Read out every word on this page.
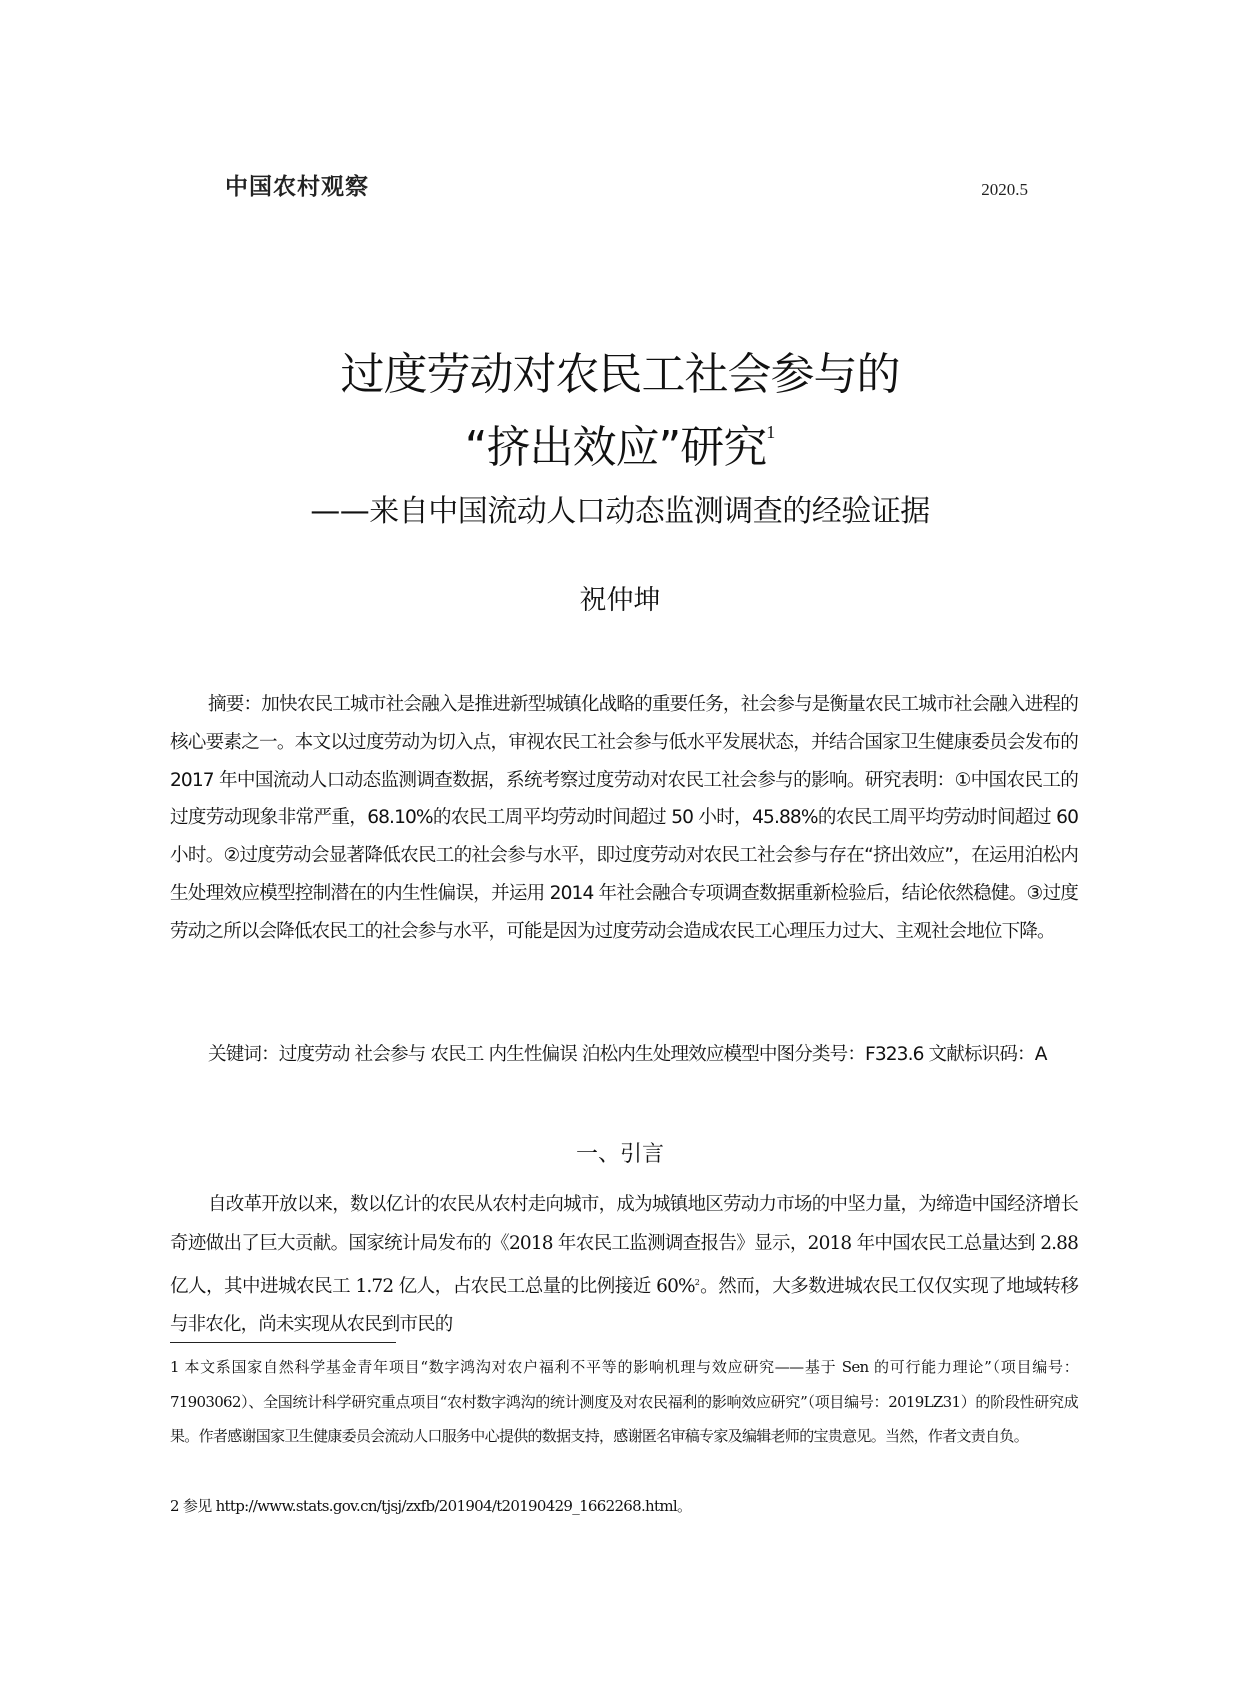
中国农村观察	2020.5
过度劳动对农民工社会参与的
“挤出效应”研究$^1$
——来自中国流动人口动态监测调查的经验证据
祝仲坤
摘要：加快农民工城市社会融入是推进新型城镇化战略的重要任务，社会参与是衡量农民工城市社会融入进程的核心要素之一。本文以过度劳动为切入点，审视农民工社会参与低水平发展状态，并结合国家卫生健康委员会发布的 2017 年中国流动人口动态监测调查数据，系统考察过度劳动对农民工社会参与的影响。研究表明：①中国农民工的过度劳动现象非常严重，68.10%的农民工周平均劳动时间超过 50 小时，45.88%的农民工周平均劳动时间超过 60 小时。②过度劳动会显著降低农民工的社会参与水平，即过度劳动对农民工社会参与存在“挤出效应”，在运用泊松内生处理效应模型控制潜在的内生性偏误，并运用 2014 年社会融合专项调查数据重新检验后，结论依然稳健。③过度劳动之所以会降低农民工的社会参与水平，可能是因为过度劳动会造成农民工心理压力过大、主观社会地位下降。
关键词：过度劳动 社会参与 农民工 内生性偏误 泊松内生处理效应模型中图分类号：F323.6 文献标识码：A
一、引言
自改革开放以来，数以亿计的农民从农村走向城市，成为城镇地区劳动力市场的中坚力量，为缔造中国经济增长奇迹做出了巨大贡献。国家统计局发布的《2018 年农民工监测调查报告》显示，2018 年中国农民工总量达到 2.88 亿人，其中进城农民工 1.72 亿人，占农民工总量的比例接近 60%$^2$。然而，大多数进城农民工仅仅实现了地域转移与非农化，尚未实现从农民到市民的
1 本文系国家自然科学基金青年项目“数字鸿沟对农户福利不平等的影响机理与效应研究——基于 Sen 的可行能力理论”（项目编号：71903062）、全国统计科学研究重点项目“农村数字鸿沟的统计测度及对农民福利的影响效应研究”（项目编号：2019LZ31）的阶段性研究成果。作者感谢国家卫生健康委员会流动人口服务中心提供的数据支持，感谢匿名审稿专家及编辑老师的宝贵意见。当然，作者文责自负。
2 参见 http://www.stats.gov.cn/tjsj/zxfb/201904/t20190429_1662268.html。
